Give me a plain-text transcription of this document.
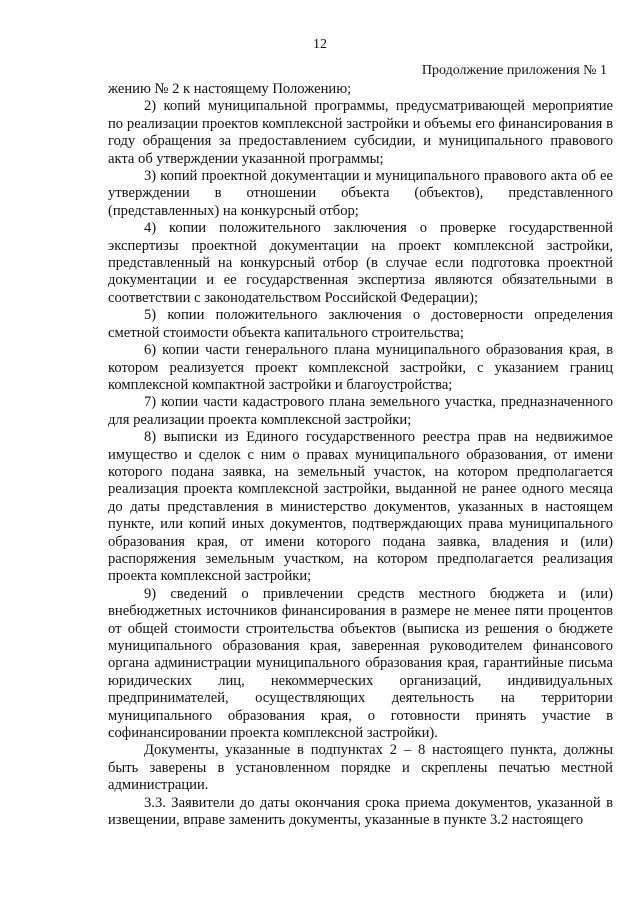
12
Продолжение приложения № 1

жению № 2 к настоящему Положению;

2) копий муниципальной программы, предусматривающей мероприятие по реализации проектов комплексной застройки и объемы его финансирования в году обращения за предоставлением субсидии, и муниципального правового акта об утверждении указанной программы;

3) копий проектной документации и муниципального правового акта об ее утверждении в отношении объекта (объектов), представленного (представленных) на конкурсный отбор;

4) копии положительного заключения о проверке государственной экспертизы проектной документации на проект комплексной застройки, представленный на конкурсный отбор (в случае если подготовка проектной документации и ее государственная экспертиза являются обязательными в соответствии с законодательством Российской Федерации);

5) копии положительного заключения о достоверности определения сметной стоимости объекта капитального строительства;

6) копии части генерального плана муниципального образования края, в котором реализуется проект комплексной застройки, с указанием границ комплексной компактной застройки и благоустройства;

7) копии части кадастрового плана земельного участка, предназначенного для реализации проекта комплексной застройки;

8) выписки из Единого государственного реестра прав на недвижимое имущество и сделок с ним о правах муниципального образования, от имени которого подана заявка, на земельный участок, на котором предполагается реализация проекта комплексной застройки, выданной не ранее одного месяца до даты представления в министерство документов, указанных в настоящем пункте, или копий иных документов, подтверждающих права муниципального образования края, от имени которого подана заявка, владения и (или) распоряжения земельным участком, на котором предполагается реализация проекта комплексной застройки;

9) сведений о привлечении средств местного бюджета и (или) внебюджетных источников финансирования в размере не менее пяти процентов от общей стоимости строительства объектов (выписка из решения о бюджете муниципального образования края, заверенная руководителем финансового органа администрации муниципального образования края, гарантийные письма юридических лиц, некоммерческих организаций, индивидуальных предпринимателей, осуществляющих деятельность на территории муниципального образования края, о готовности принять участие в софинансировании проекта комплексной застройки).

Документы, указанные в подпунктах 2 – 8 настоящего пункта, должны быть заверены в установленном порядке и скреплены печатью местной администрации.

3.3. Заявители до даты окончания срока приема документов, указанной в извещении, вправе заменить документы, указанные в пункте 3.2 настоящего
